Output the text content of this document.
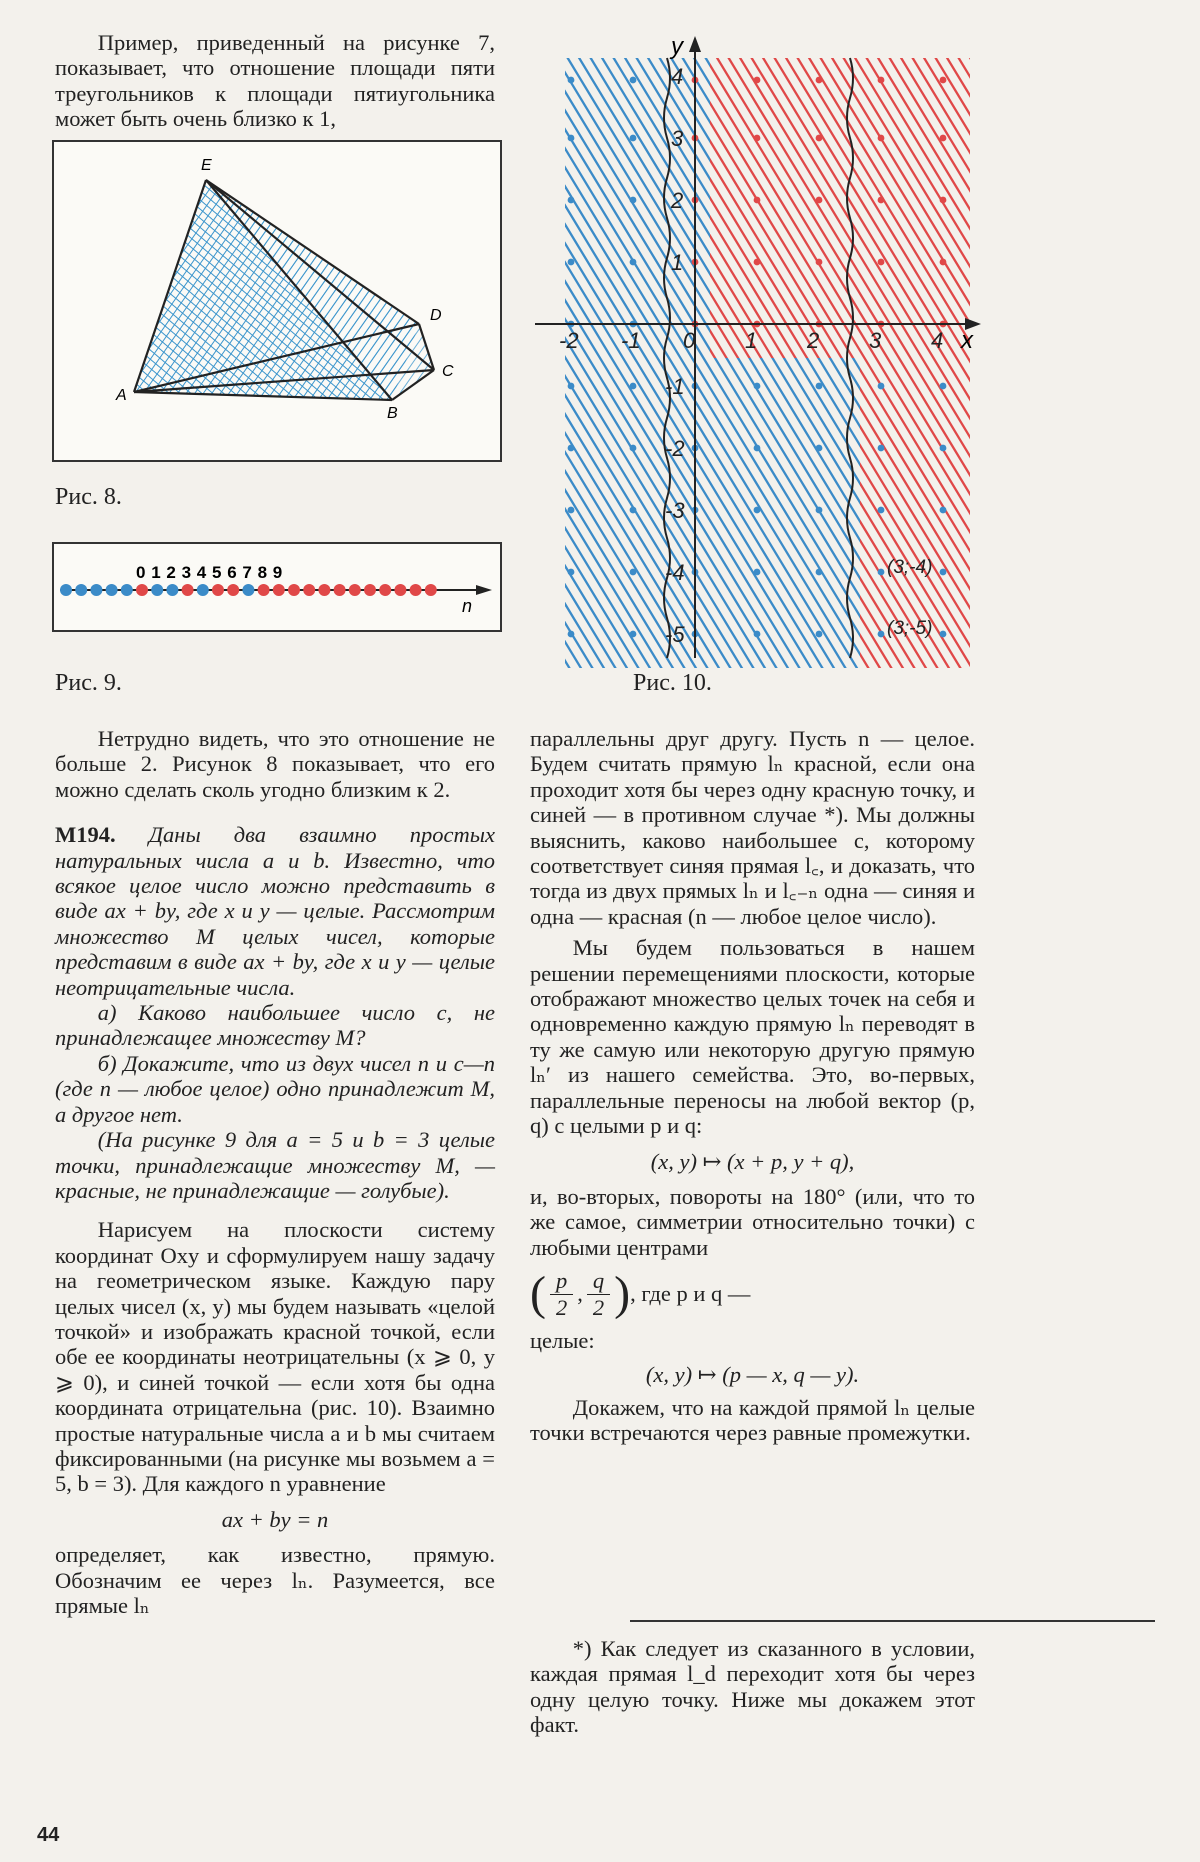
Пример, приведенный на рисунке 7, показывает, что отношение площади пяти треугольников к площади пятиугольника может быть очень близко к 1,

E
D
C
A
B
Рис. 8.
n
0 1 2 3 4 5 6 7 8 9
Рис. 9.
x
y
-2 -1 0 1 2 3 4
4
3
2
1
-1
-2
-3
-4
-5
(3;-4)
(3;-5)
Рис. 10.

Нетрудно видеть, что это отношение не больше 2. Рисунок 8 показывает, что его можно сделать сколь угодно близким к 2.

М194. Даны два взаимно простых натуральных числа a и b. Известно, что всякое целое число можно представить в виде ax + by, где x и y — целые. Рассмотрим множество M целых чисел, которые представим в виде ax + by, где x и y — целые неотрицательные числа.

а) Каково наибольшее число c, не принадлежащее множеству M?

б) Докажите, что из двух чисел n и c—n (где n — любое целое) одно принадлежит M, а другое нет.

(На рисунке 9 для a = 5 и b = 3 целые точки, принадлежащие множеству M, — красные, не принадлежащие — голубые).

Нарисуем на плоскости систему координат Oxy и сформулируем нашу задачу на геометрическом языке. Каждую пару целых чисел (x, y) мы будем называть «целой точкой» и изображать красной точкой, если обе ее координаты неотрицательны (x ⩾ 0, y ⩾ 0), и синей точкой — если хотя бы одна координата отрицательна (рис. 10). Взаимно простые натуральные числа a и b мы считаем фиксированными (на рисунке мы возьмем a = 5, b = 3). Для каждого n уравнение

ax + by = n

определяет, как известно, прямую. Обозначим ее через lₙ. Разумеется, все прямые lₙ

параллельны друг другу. Пусть n — целое. Будем считать прямую lₙ красной, если она проходит хотя бы через одну красную точку, и синей — в противном случае *). Мы должны выяснить, каково наибольшее c, которому соответствует синяя прямая l꜀, и доказать, что тогда из двух прямых lₙ и l꜀₋ₙ одна — синяя и одна — красная (n — любое целое число).

Мы будем пользоваться в нашем решении перемещениями плоскости, которые отображают множество целых точек на себя и одновременно каждую прямую lₙ переводят в ту же самую или некоторую другую прямую lₙ′ из нашего семейства. Это, во-первых, параллельные переносы на любой вектор (p, q) с целыми p и q:

(x, y) ↦ (x + p, y + q),

и, во-вторых, повороты на 180° (или, что то же самое, симметрии относительно точки) с любыми центрами

( $\frac{p}{2}$ , $\frac{q}{2}$ ) , где p и q —

целые:

(x, y) ↦ (p — x, q — y).

Докажем, что на каждой прямой lₙ целые точки встречаются через равные промежутки.

*) Как следует из сказанного в условии, каждая прямая l_d переходит хотя бы через одну целую точку. Ниже мы докажем этот факт.

44
